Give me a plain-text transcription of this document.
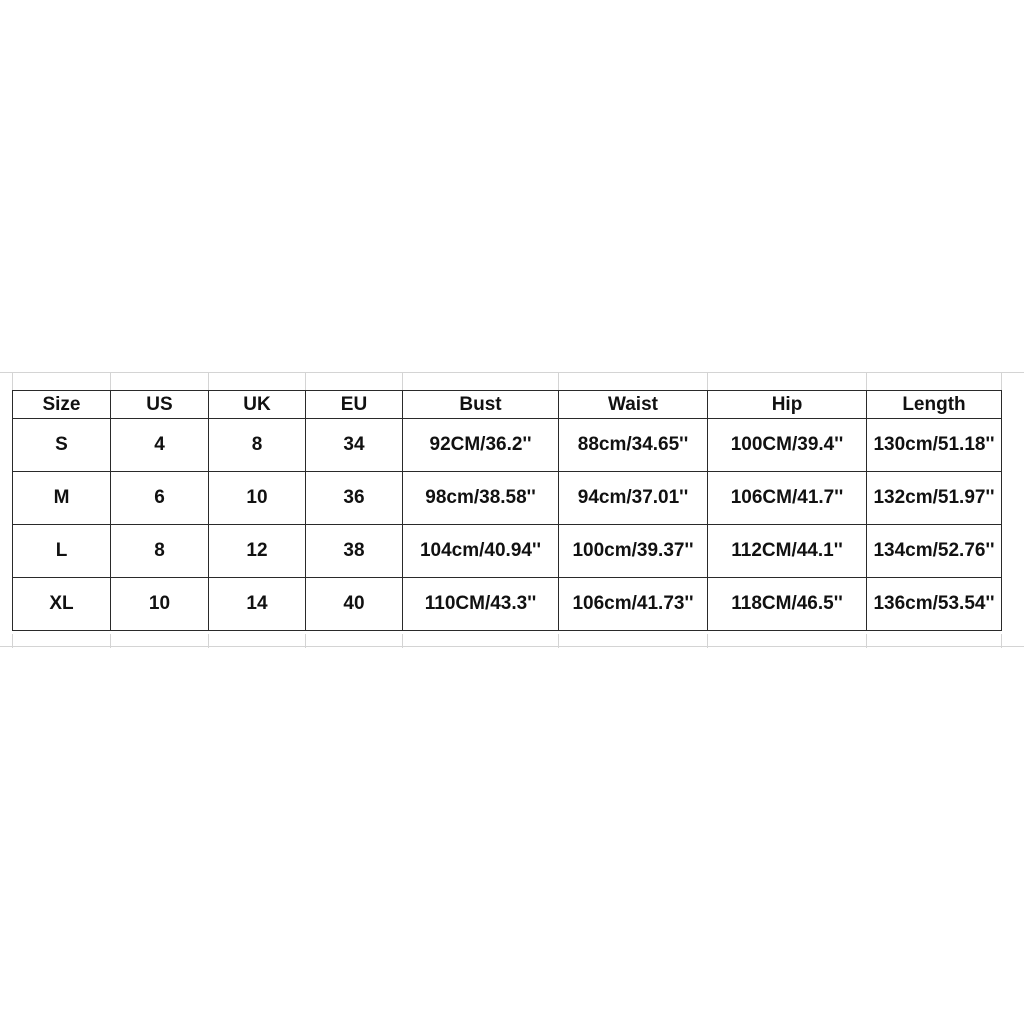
Size	US	UK	EU	Bust	Waist	Hip	Length
S	4	8	34	92CM/36.2''	88cm/34.65''	100CM/39.4''	130cm/51.18''
M	6	10	36	98cm/38.58''	94cm/37.01''	106CM/41.7''	132cm/51.97''
L	8	12	38	104cm/40.94''	100cm/39.37''	112CM/44.1''	134cm/52.76''
XL	10	14	40	110CM/43.3''	106cm/41.73''	118CM/46.5''	136cm/53.54''
